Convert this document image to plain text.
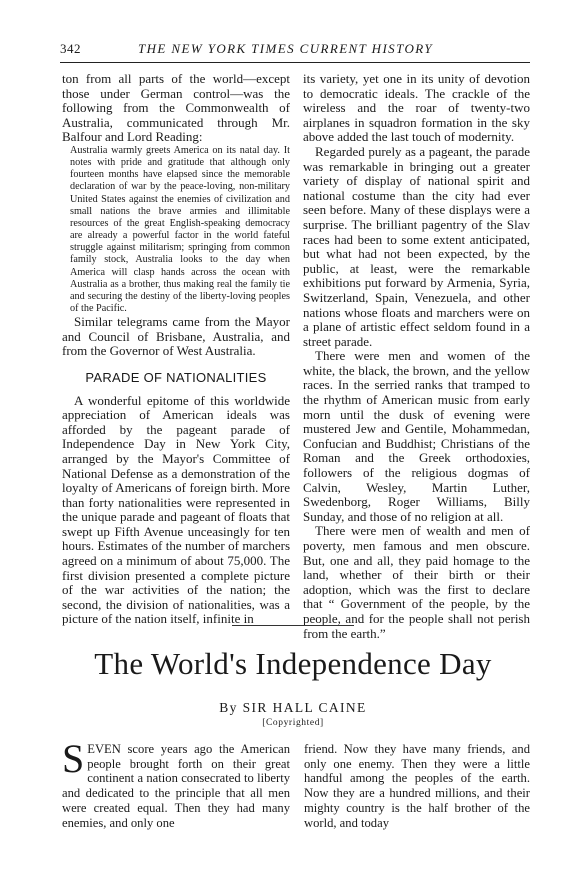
342	THE NEW YORK TIMES CURRENT HISTORY

ton from all parts of the world—except those under German control—was the following from the Commonwealth of Australia, communicated through Mr. Balfour and Lord Reading:

Australia warmly greets America on its natal day. It notes with pride and gratitude that although only fourteen months have elapsed since the memorable declaration of war by the peace-loving, non-military United States against the enemies of civilization and small nations the brave armies and illimitable resources of the great English-speaking democracy are already a powerful factor in the world fateful struggle against militarism; springing from common family stock, Australia looks to the day when America will clasp hands across the ocean with Australia as a brother, thus making real the family tie and securing the destiny of the liberty-loving peoples of the Pacific.

Similar telegrams came from the Mayor and Council of Brisbane, Australia, and from the Governor of West Australia.

PARADE OF NATIONALITIES

A wonderful epitome of this worldwide appreciation of American ideals was afforded by the pageant parade of Independence Day in New York City, arranged by the Mayor's Committee of National Defense as a demonstration of the loyalty of Americans of foreign birth. More than forty nationalities were represented in the unique parade and pageant of floats that swept up Fifth Avenue unceasingly for ten hours. Estimates of the number of marchers agreed on a minimum of about 75,000. The first division presented a complete picture of the war activities of the nation; the second, the division of nationalities, was a picture of the nation itself, infinite in

its variety, yet one in its unity of devotion to democratic ideals. The crackle of the wireless and the roar of twenty-two airplanes in squadron formation in the sky above added the last touch of modernity.

Regarded purely as a pageant, the parade was remarkable in bringing out a greater variety of display of national spirit and national costume than the city had ever seen before. Many of these displays were a surprise. The brilliant pagentry of the Slav races had been to some extent anticipated, but what had not been expected, by the public, at least, were the remarkable exhibitions put forward by Armenia, Syria, Switzerland, Spain, Venezuela, and other nations whose floats and marchers were on a plane of artistic effect seldom found in a street parade.

There were men and women of the white, the black, the brown, and the yellow races. In the serried ranks that tramped to the rhythm of American music from early morn until the dusk of evening were mustered Jew and Gentile, Mohammedan, Confucian and Buddhist; Christians of the Roman and the Greek orthodoxies, followers of the religious dogmas of Calvin, Wesley, Martin Luther, Swedenborg, Roger Williams, Billy Sunday, and those of no religion at all.

There were men of wealth and men of poverty, men famous and men obscure. But, one and all, they paid homage to the land, whether of their birth or their adoption, which was the first to declare that “ Government of the people, by the people, and for the people shall not perish from the earth.”

The World's Independence Day
By SIR HALL CAINE
[Copyrighted]

SEVEN score years ago the American people brought forth on their great continent a nation consecrated to liberty and dedicated to the principle that all men were created equal. Then they had many enemies, and only one

friend. Now they have many friends, and only one enemy. Then they were a little handful among the peoples of the earth. Now they are a hundred millions, and their mighty country is the half brother of the world, and today
